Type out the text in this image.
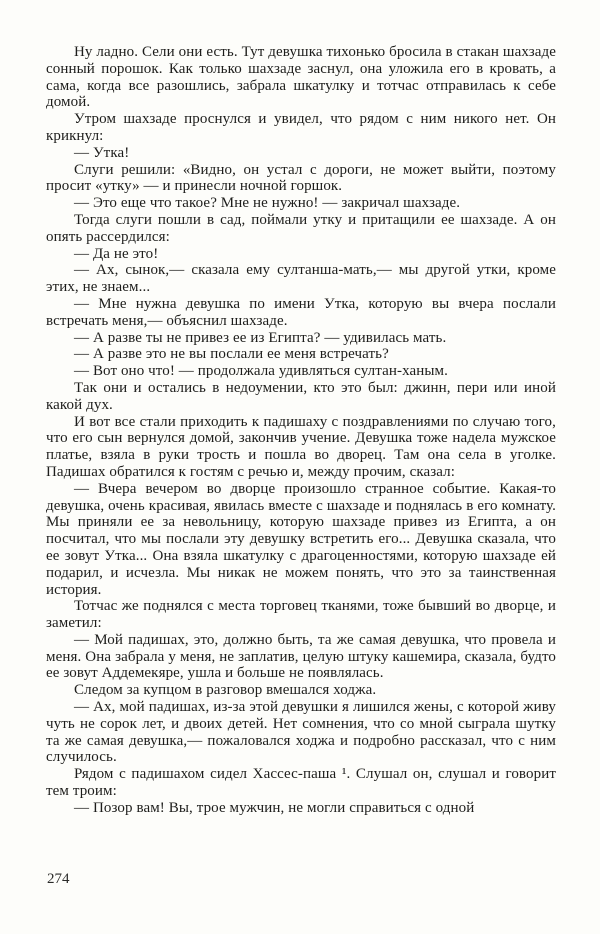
Ну ладно. Сели они есть. Тут девушка тихонько бросила в стакан шахзаде сонный порошок. Как только шахзаде заснул, она уложила его в кровать, а сама, когда все разошлись, забрала шкатулку и тотчас отправилась к себе домой.

Утром шахзаде проснулся и увидел, что рядом с ним никого нет. Он крикнул:

— Утка!

Слуги решили: «Видно, он устал с дороги, не может выйти, поэтому просит «утку» — и принесли ночной горшок.

— Это еще что такое? Мне не нужно! — закричал шахзаде.

Тогда слуги пошли в сад, поймали утку и притащили ее шахзаде. А он опять рассердился:

— Да не это!

— Ах, сынок,— сказала ему султанша-мать,— мы другой утки, кроме этих, не знаем...

— Мне нужна девушка по имени Утка, которую вы вчера послали встречать меня,— объяснил шахзаде.

— А разве ты не привез ее из Египта? — удивилась мать.

— А разве это не вы послали ее меня встречать?

— Вот оно что! — продолжала удивляться султан-ханым.

Так они и остались в недоумении, кто это был: джинн, пери или иной какой дух.

И вот все стали приходить к падишаху с поздравлениями по случаю того, что его сын вернулся домой, закончив учение. Девушка тоже надела мужское платье, взяла в руки трость и пошла во дворец. Там она села в уголке. Падишах обратился к гостям с речью и, между прочим, сказал:

— Вчера вечером во дворце произошло странное событие. Какая-то девушка, очень красивая, явилась вместе с шахзаде и поднялась в его комнату. Мы приняли ее за невольницу, которую шахзаде привез из Египта, а он посчитал, что мы послали эту девушку встретить его... Девушка сказала, что ее зовут Утка... Она взяла шкатулку с драгоценностями, которую шахзаде ей подарил, и исчезла. Мы никак не можем понять, что это за таинственная история.

Тотчас же поднялся с места торговец тканями, тоже бывший во дворце, и заметил:

— Мой падишах, это, должно быть, та же самая девушка, что провела и меня. Она забрала у меня, не заплатив, целую штуку кашемира, сказала, будто ее зовут Аддемекяре, ушла и больше не появлялась.

Следом за купцом в разговор вмешался ходжа.

— Ах, мой падишах, из-за этой девушки я лишился жены, с которой живу чуть не сорок лет, и двоих детей. Нет сомнения, что со мной сыграла шутку та же самая девушка,— пожаловался ходжа и подробно рассказал, что с ним случилось.

Рядом с падишахом сидел Хассес-паша ¹. Слушал он, слушал и говорит тем троим:

— Позор вам! Вы, трое мужчин, не могли справиться с одной

274
